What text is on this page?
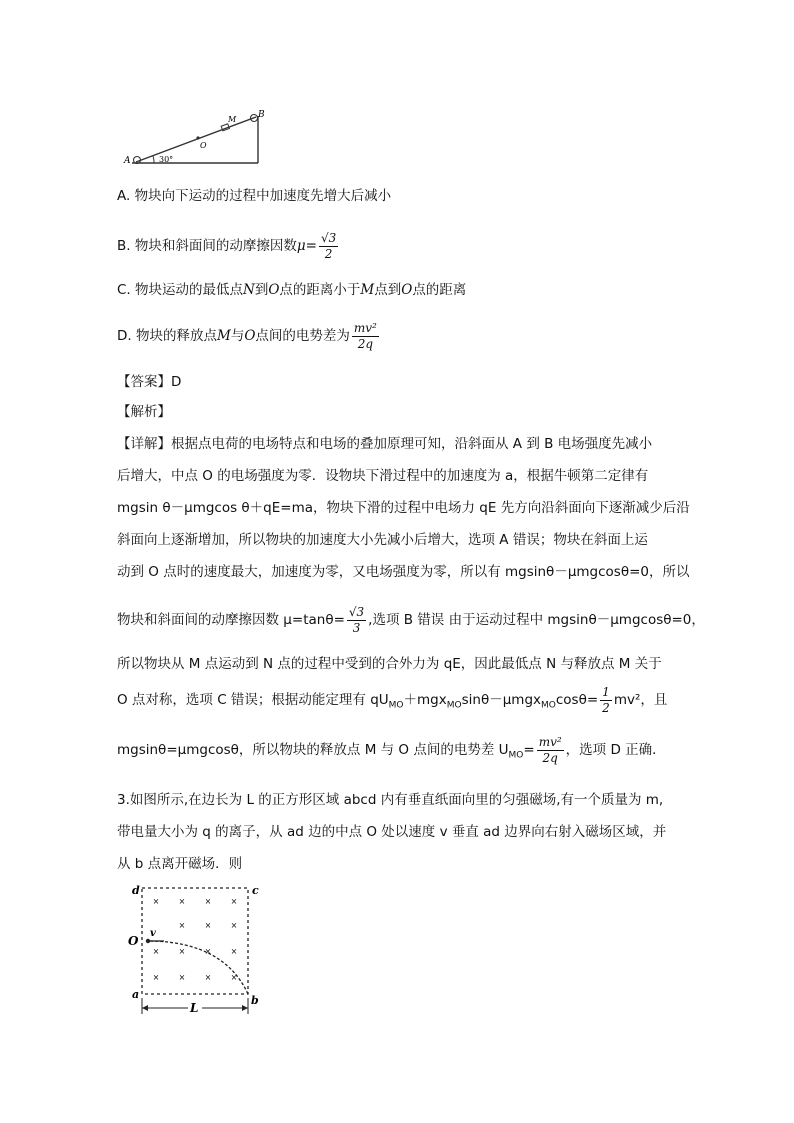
A
B
M
O
30°
A. 物块向下运动的过程中加速度先增大后减小
B. 物块和斜面间的动摩擦因数$\mu= \frac{√3}{2}$
C. 物块运动的最低点N到O点的距离小于M点到O点的距离
D. 物块的释放点M与O点间的电势差为 $\frac{\text{mv²}}{2q}$
【答案】D
【解析】
【详解】根据点电荷的电场特点和电场的叠加原理可知，沿斜面从 A 到 B 电场强度先减小
后增大，中点 O 的电场强度为零．设物块下滑过程中的加速度为 a，根据牛顿第二定律有
mgsin θ－μmgcos θ＋qE=ma，物块下滑的过程中电场力 qE 先方向沿斜面向下逐渐减少后沿
斜面向上逐渐增加，所以物块的加速度大小先减小后增大，选项 A 错误；物块在斜面上运
动到 O 点时的速度最大，加速度为零，又电场强度为零，所以有 mgsinθ－μmgcosθ=0，所以
物块和斜面间的动摩擦因数 $\mu=\tan\theta= \frac{√3}{3}$ ,选项 B 错误 由于运动过程中 mgsinθ－μmgcosθ=0，
所以物块从 M 点运动到 N 点的过程中受到的合外力为 qE，因此最低点 N 与释放点 M 关于
O 点对称，选项 C 错误；根据动能定理有 $qU_{MO}+mgx_{MO}\sin\theta-\mu mgx_{MO}\cos\theta= \frac{1}{2} mv^2$，且
mgsinθ=μmgcosθ，所以物块的释放点 M 与 O 点间的电势差 $U_{MO}= \frac{\text{mv²}}{2q}$ ，选项 D 正确．
3.如图所示,在边长为 L 的正方形区域 abcd 内有垂直纸面向里的匀强磁场,有一个质量为 m,
带电量大小为 q 的离子，从 ad 边的中点 O 处以速度 v 垂直 ad 边界向右射入磁场区域，并
从 b 点离开磁场．则
× × × ×
× × ×
× × × ×
× × × ×
d	c
O
v
a	b
L
